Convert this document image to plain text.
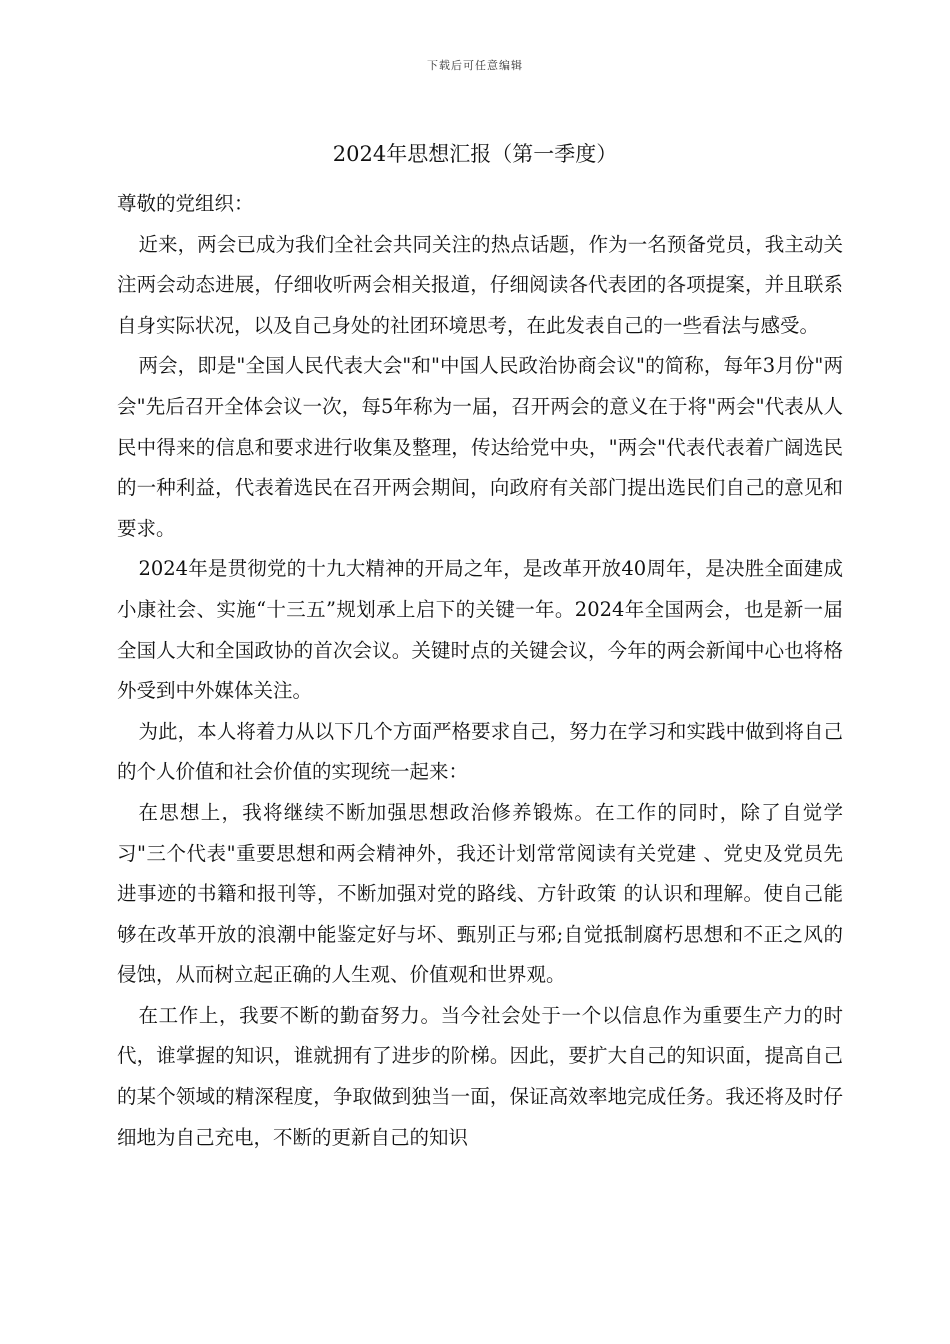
下载后可任意编辑
2024年思想汇报（第一季度）

尊敬的党组织：

近来，两会已成为我们全社会共同关注的热点话题，作为一名预备党员，我主动关注两会动态进展，仔细收听两会相关报道，仔细阅读各代表团的各项提案，并且联系自身实际状况，以及自己身处的社团环境思考，在此发表自己的一些看法与感受。

两会，即是"全国人民代表大会"和"中国人民政治协商会议"的简称，每年3月份"两会"先后召开全体会议一次，每5年称为一届，召开两会的意义在于将"两会"代表从人民中得来的信息和要求进行收集及整理，传达给党中央，"两会"代表代表着广阔选民的一种利益，代表着选民在召开两会期间，向政府有关部门提出选民们自己的意见和要求。

2024年是贯彻党的十九大精神的开局之年，是改革开放40周年，是决胜全面建成小康社会、实施“十三五”规划承上启下的关键一年。2024年全国两会，也是新一届全国人大和全国政协的首次会议。关键时点的关键会议，今年的两会新闻中心也将格外受到中外媒体关注。

为此，本人将着力从以下几个方面严格要求自己，努力在学习和实践中做到将自己的个人价值和社会价值的实现统一起来：

在思想上，我将继续不断加强思想政治修养锻炼。在工作的同时，除了自觉学习"三个代表"重要思想和两会精神外，我还计划常常阅读有关党建 、党史及党员先进事迹的书籍和报刊等，不断加强对党的路线、方针政策 的认识和理解。使自己能够在改革开放的浪潮中能鉴定好与坏、甄别正与邪;自觉抵制腐朽思想和不正之风的侵蚀，从而树立起正确的人生观、价值观和世界观。

在工作上，我要不断的勤奋努力。当今社会处于一个以信息作为重要生产力的时代，谁掌握的知识，谁就拥有了进步的阶梯。因此，要扩大自己的知识面，提高自己的某个领域的精深程度，争取做到独当一面，保证高效率地完成任务。我还将及时仔细地为自己充电，不断的更新自己的知识
